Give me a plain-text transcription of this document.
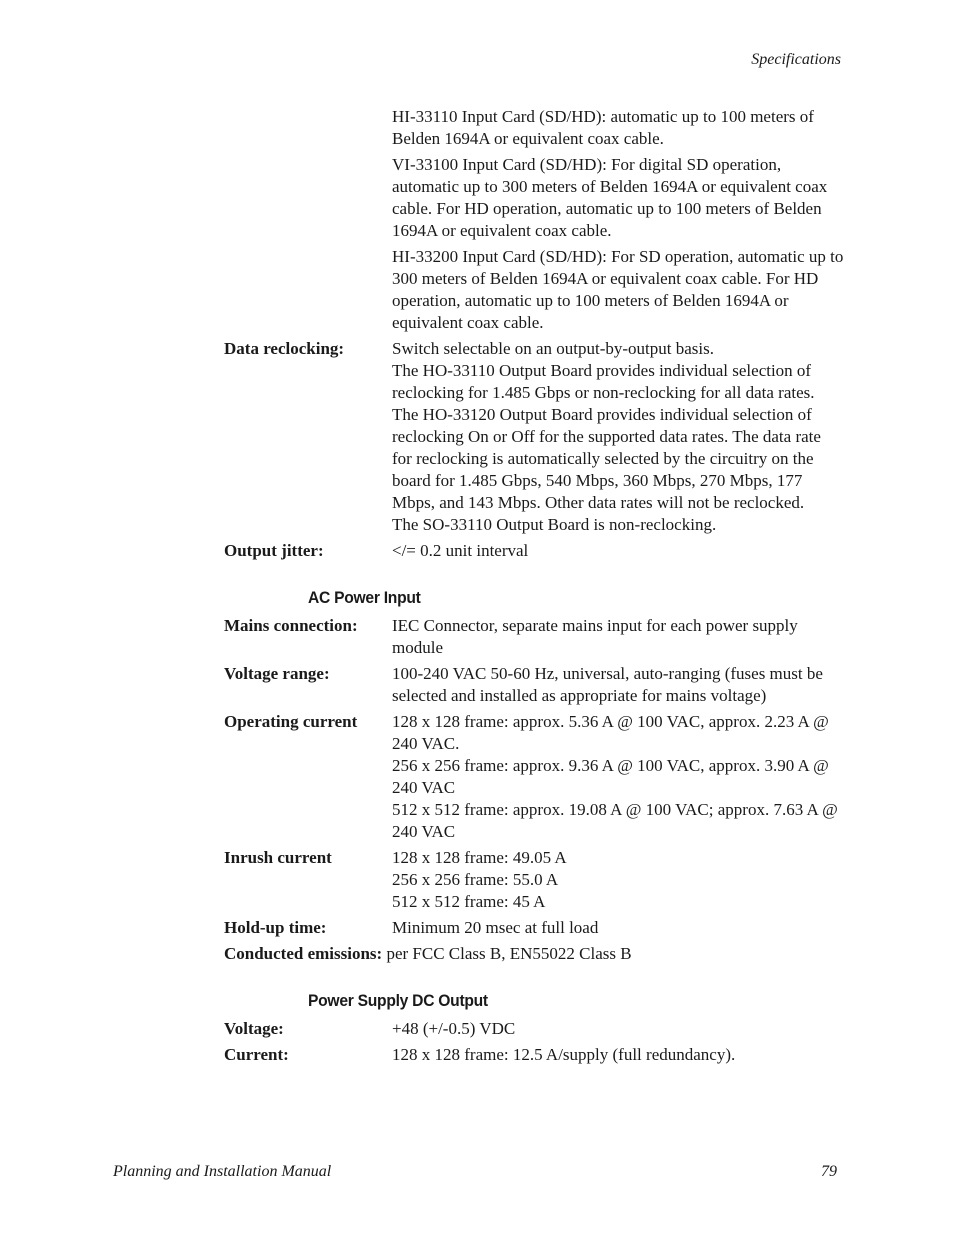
Specifications

HI-33110 Input Card (SD/HD): automatic up to 100 meters of Belden 1694A or equivalent coax cable.

VI-33100 Input Card (SD/HD): For digital SD operation, automatic up to 300 meters of Belden 1694A or equivalent coax cable. For HD operation, automatic up to 100 meters of Belden 1694A or equivalent coax cable.

HI-33200 Input Card (SD/HD): For SD operation, automatic up to 300 meters of Belden 1694A or equivalent coax cable. For HD operation, automatic up to 100 meters of Belden 1694A or equivalent coax cable.

Data reclocking:	Switch selectable on an output-by-output basis.

The HO-33110 Output Board provides individual selection of reclocking for 1.485 Gbps or non-reclocking for all data rates.

The HO-33120 Output Board provides individual selection of reclocking On or Off for the supported data rates. The data rate for reclocking is automatically selected by the circuitry on the board for 1.485 Gbps, 540 Mbps, 360 Mbps, 270 Mbps, 177 Mbps, and 143 Mbps. Other data rates will not be reclocked.

The SO-33110 Output Board is non-reclocking.

Output jitter:	</= 0.2 unit interval
AC Power Input
Mains connection:	IEC Connector, separate mains input for each power supply module
Voltage range:	100-240 VAC 50-60 Hz, universal, auto-ranging (fuses must be selected and installed as appropriate for mains voltage)
Operating current	128 x 128 frame: approx. 5.36 A @ 100 VAC, approx. 2.23 A @ 240 VAC.

256 x 256 frame: approx. 9.36 A @ 100 VAC, approx. 3.90 A @ 240 VAC

512 x 512 frame: approx. 19.08 A @ 100 VAC; approx. 7.63 A @ 240 VAC

Inrush current	128 x 128 frame: 49.05 A

256 x 256 frame: 55.0 A

512 x 512 frame: 45 A

Hold-up time:	Minimum 20 msec at full load
Conducted emissions: per FCC Class B, EN55022 Class B
Power Supply DC Output
Voltage:	+48 (+/-0.5) VDC
Current:	128 x 128 frame: 12.5 A/supply (full redundancy).
Planning and Installation Manual	79
